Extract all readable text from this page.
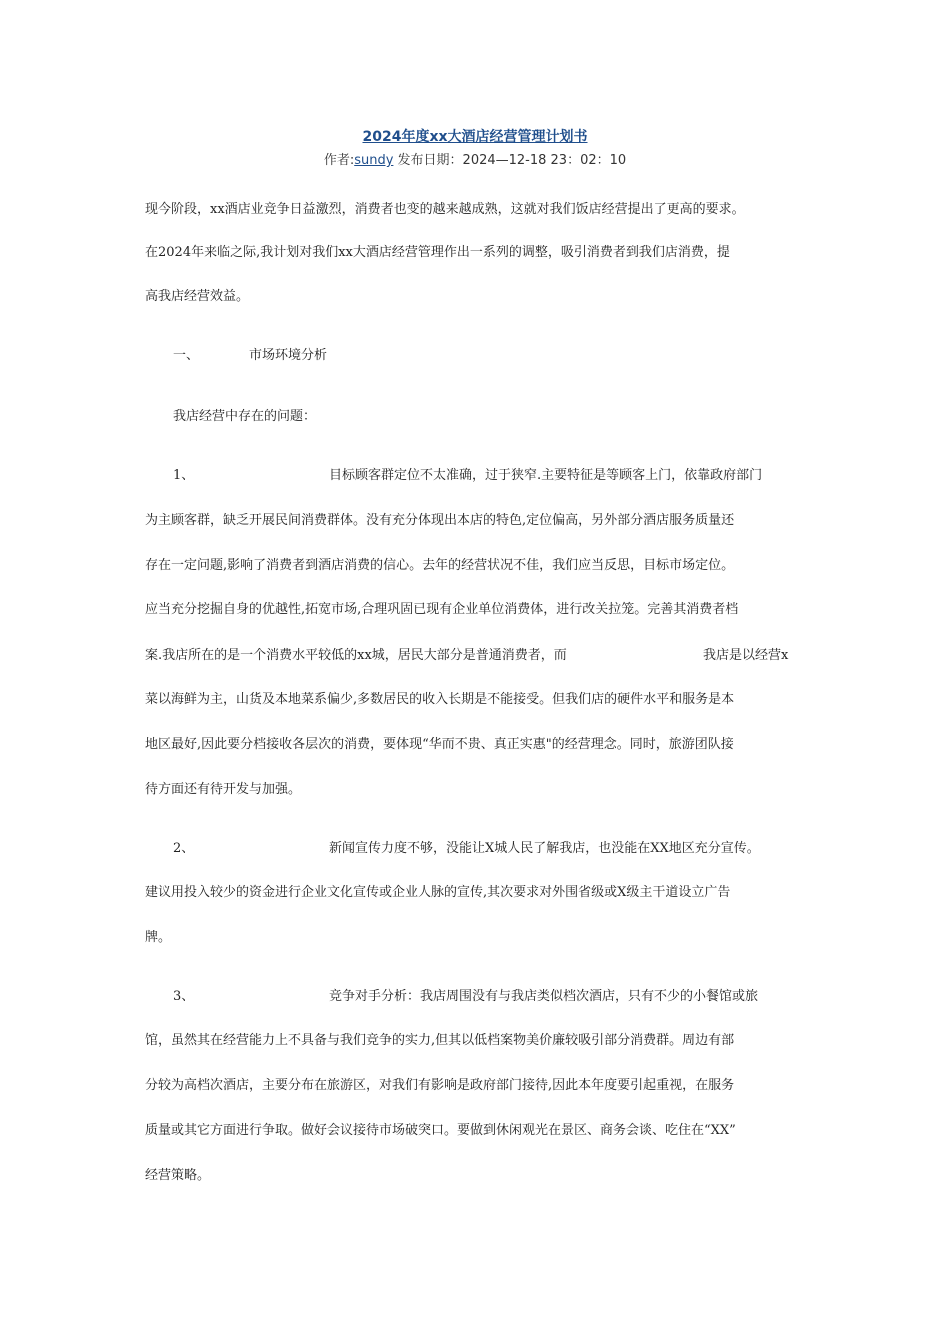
2024年度xx大酒店经营管理计划书
作者:sundy 发布日期：2024—12-18 23：02：10
现今阶段，xx酒店业竞争日益激烈，消费者也变的越来越成熟，这就对我们饭店经营提出了更高的要求。
在2024年来临之际,我计划对我们xx大酒店经营管理作出一系列的调整，吸引消费者到我们店消费，提
高我店经营效益。
一、	市场环境分析
我店经营中存在的问题：
1、	目标顾客群定位不太准确，过于狭窄.主要特征是等顾客上门，依靠政府部门
为主顾客群，缺乏开展民间消费群体。没有充分体现出本店的特色,定位偏高，另外部分酒店服务质量还
存在一定问题,影响了消费者到酒店消费的信心。去年的经营状况不佳，我们应当反思，目标市场定位。
应当充分挖掘自身的优越性,拓宽市场,合理巩固已现有企业单位消费体，进行改关拉笼。完善其消费者档
案.我店所在的是一个消费水平较低的xx城，居民大部分是普通消费者，而	我店是以经营x
菜以海鲜为主，山货及本地菜系偏少,多数居民的收入长期是不能接受。但我们店的硬件水平和服务是本
地区最好,因此要分档接收各层次的消费，要体现“华而不贵、真正实惠"的经营理念。同时，旅游团队接
待方面还有待开发与加强。
2、	新闻宣传力度不够，没能让X城人民了解我店，也没能在XX地区充分宣传。
建议用投入较少的资金进行企业文化宣传或企业人脉的宣传,其次要求对外围省级或X级主干道设立广告
牌。
3、	竞争对手分析：我店周围没有与我店类似档次酒店，只有不少的小餐馆或旅
馆，虽然其在经营能力上不具备与我们竞争的实力,但其以低档案物美价廉较吸引部分消费群。周边有部
分较为高档次酒店，主要分布在旅游区，对我们有影响是政府部门接待,因此本年度要引起重视，在服务
质量或其它方面进行争取。做好会议接待市场破突口。要做到休闲观光在景区、商务会谈、吃住在“XX”
经营策略。
